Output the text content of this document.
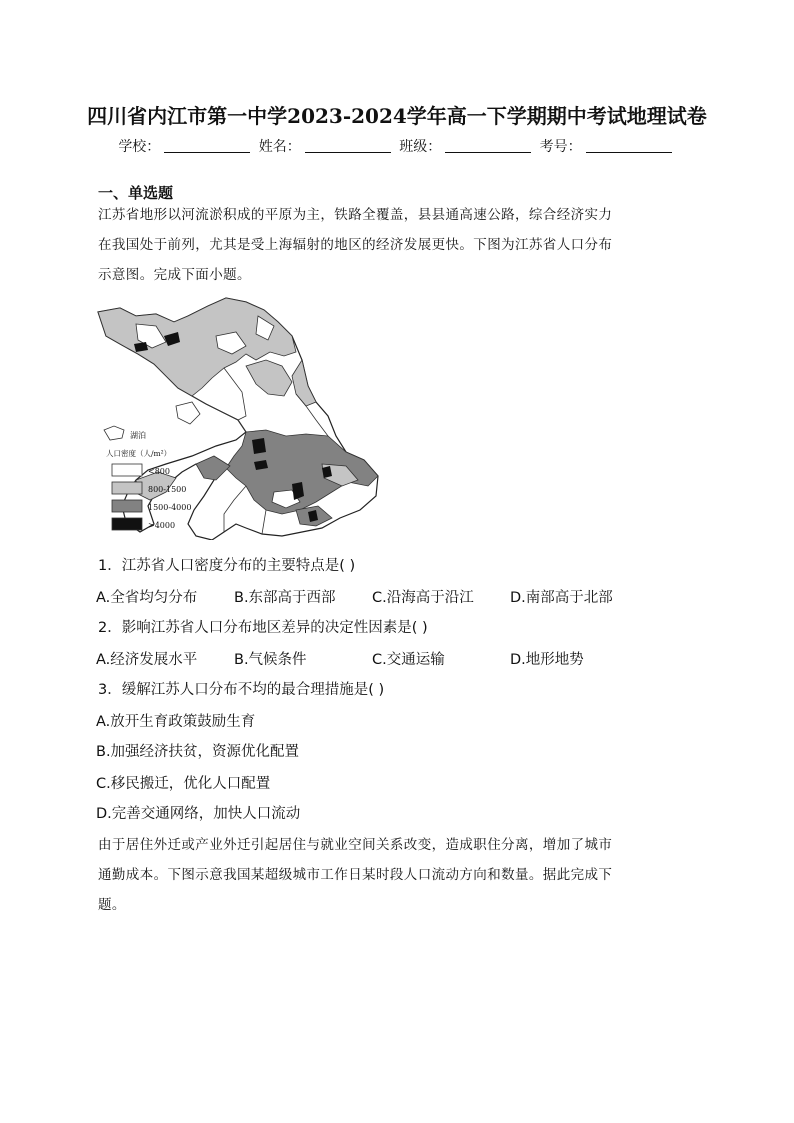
四川省内江市第一中学2023-2024学年高一下学期期中考试地理试卷
学校：	姓名：	班级：	考号：
一、单选题
江苏省地形以河流淤积成的平原为主，铁路全覆盖，县县通高速公路，综合经济实力
在我国处于前列，尤其是受上海辐射的地区的经济发展更快。下图为江苏省人口分布
示意图。完成下面小题。
湖泊
人口密度（人/m²）
<800
800-1500
1500-4000
>4000
1．江苏省人口密度分布的主要特点是( )
A.全省均匀分布	B.东部高于西部	C.沿海高于沿江	D.南部高于北部
2．影响江苏省人口分布地区差异的决定性因素是( )
A.经济发展水平	B.气候条件	C.交通运输	D.地形地势
3．缓解江苏人口分布不均的最合理措施是( )
A.放开生育政策鼓励生育
B.加强经济扶贫，资源优化配置
C.移民搬迁，优化人口配置
D.完善交通网络，加快人口流动
由于居住外迁或产业外迁引起居住与就业空间关系改变，造成职住分离，增加了城市
通勤成本。下图示意我国某超级城市工作日某时段人口流动方向和数量。据此完成下
题。
